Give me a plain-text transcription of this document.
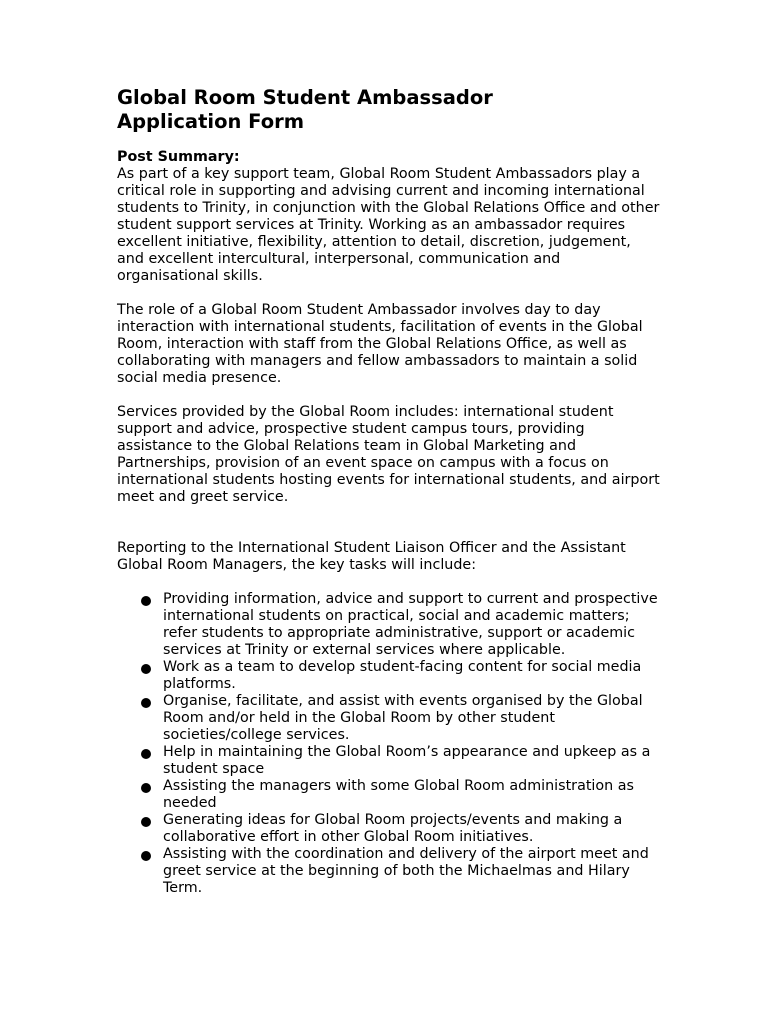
Global Room Student Ambassador
Application Form

Post Summary:

As part of a key support team, Global Room Student Ambassadors play a critical role in supporting and advising current and incoming international students to Trinity, in conjunction with the Global Relations Office and other student support services at Trinity. Working as an ambassador requires excellent initiative, flexibility, attention to detail, discretion, judgement, and excellent intercultural, interpersonal, communication and organisational skills.

The role of a Global Room Student Ambassador involves day to day interaction with international students, facilitation of events in the Global Room, interaction with staff from the Global Relations Office, as well as collaborating with managers and fellow ambassadors to maintain a solid social media presence.

Services provided by the Global Room includes: international student support and advice, prospective student campus tours, providing assistance to the Global Relations team in Global Marketing and Partnerships, provision of an event space on campus with a focus on international students hosting events for international students, and airport meet and greet service.

Reporting to the International Student Liaison Officer and the Assistant Global Room Managers, the key tasks will include:

Providing information, advice and support to current and prospective international students on practical, social and academic matters; refer students to appropriate administrative, support or academic services at Trinity or external services where applicable.
Work as a team to develop student-facing content for social media platforms.
Organise, facilitate, and assist with events organised by the Global Room and/or held in the Global Room by other student societies/college services.
Help in maintaining the Global Room’s appearance and upkeep as a student space
Assisting the managers with some Global Room administration as needed
Generating ideas for Global Room projects/events and making a collaborative effort in other Global Room initiatives.
Assisting with the coordination and delivery of the airport meet and greet service at the beginning of both the Michaelmas and Hilary Term.
